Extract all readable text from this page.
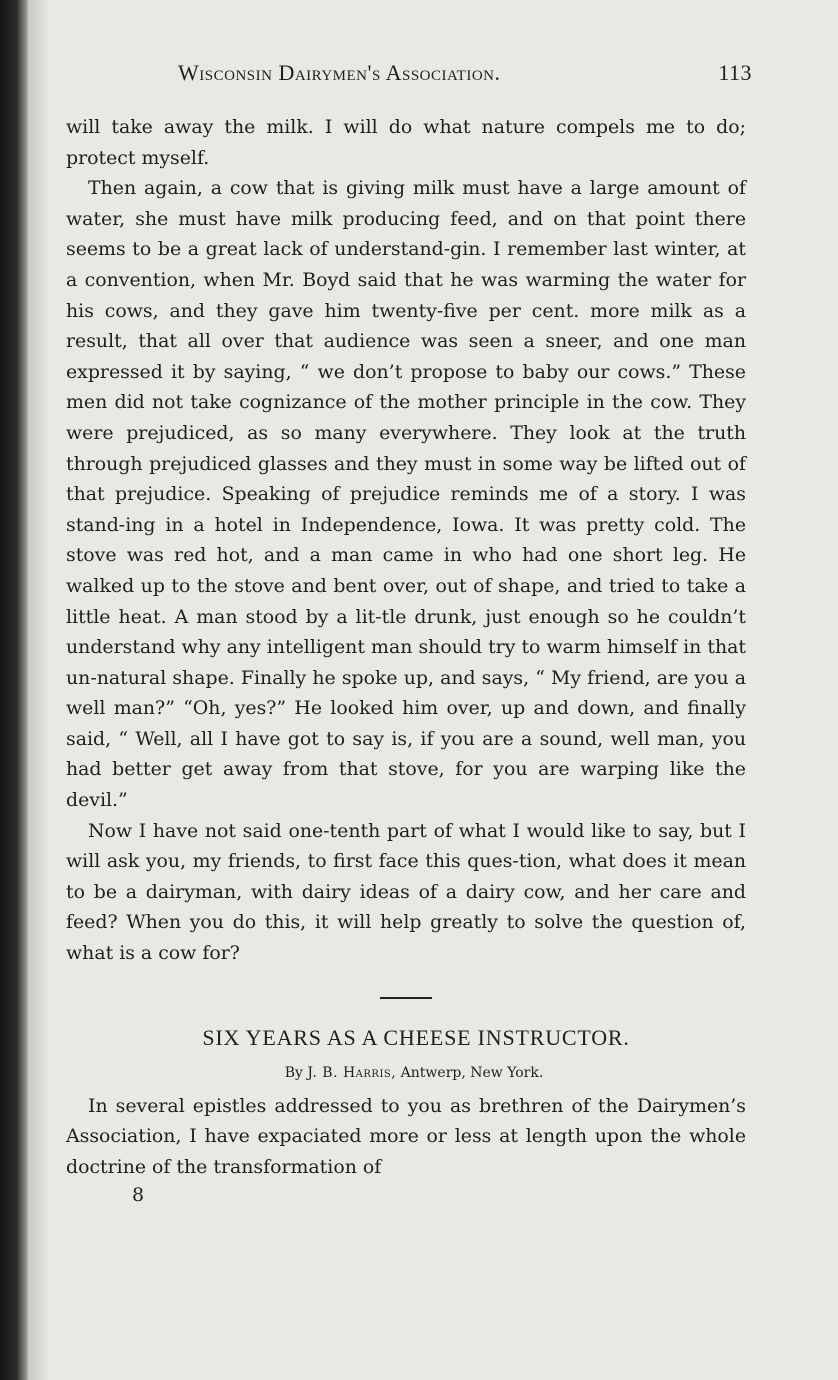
Wisconsin Dairymen's Association.	113

will take away the milk. I will do what nature compels me to do; protect myself.

Then again, a cow that is giving milk must have a large amount of water, she must have milk producing feed, and on that point there seems to be a great lack of understand-gin. I remember last winter, at a convention, when Mr. Boyd said that he was warming the water for his cows, and they gave him twenty-five per cent. more milk as a result, that all over that audience was seen a sneer, and one man expressed it by saying, “ we don’t propose to baby our cows.” These men did not take cognizance of the mother principle in the cow. They were prejudiced, as so many everywhere. They look at the truth through prejudiced glasses and they must in some way be lifted out of that prejudice. Speaking of prejudice reminds me of a story. I was stand-ing in a hotel in Independence, Iowa. It was pretty cold. The stove was red hot, and a man came in who had one short leg. He walked up to the stove and bent over, out of shape, and tried to take a little heat. A man stood by a lit-tle drunk, just enough so he couldn’t understand why any intelligent man should try to warm himself in that un-natural shape. Finally he spoke up, and says, “ My friend, are you a well man?” “Oh, yes?” He looked him over, up and down, and finally said, “ Well, all I have got to say is, if you are a sound, well man, you had better get away from that stove, for you are warping like the devil.”

Now I have not said one-tenth part of what I would like to say, but I will ask you, my friends, to first face this ques-tion, what does it mean to be a dairyman, with dairy ideas of a dairy cow, and her care and feed? When you do this, it will help greatly to solve the question of, what is a cow for?

SIX YEARS AS A CHEESE INSTRUCTOR.
By J. B. Harris, Antwerp, New York.

In several epistles addressed to you as brethren of the Dairymen’s Association, I have expaciated more or less at length upon the whole doctrine of the transformation of

8
